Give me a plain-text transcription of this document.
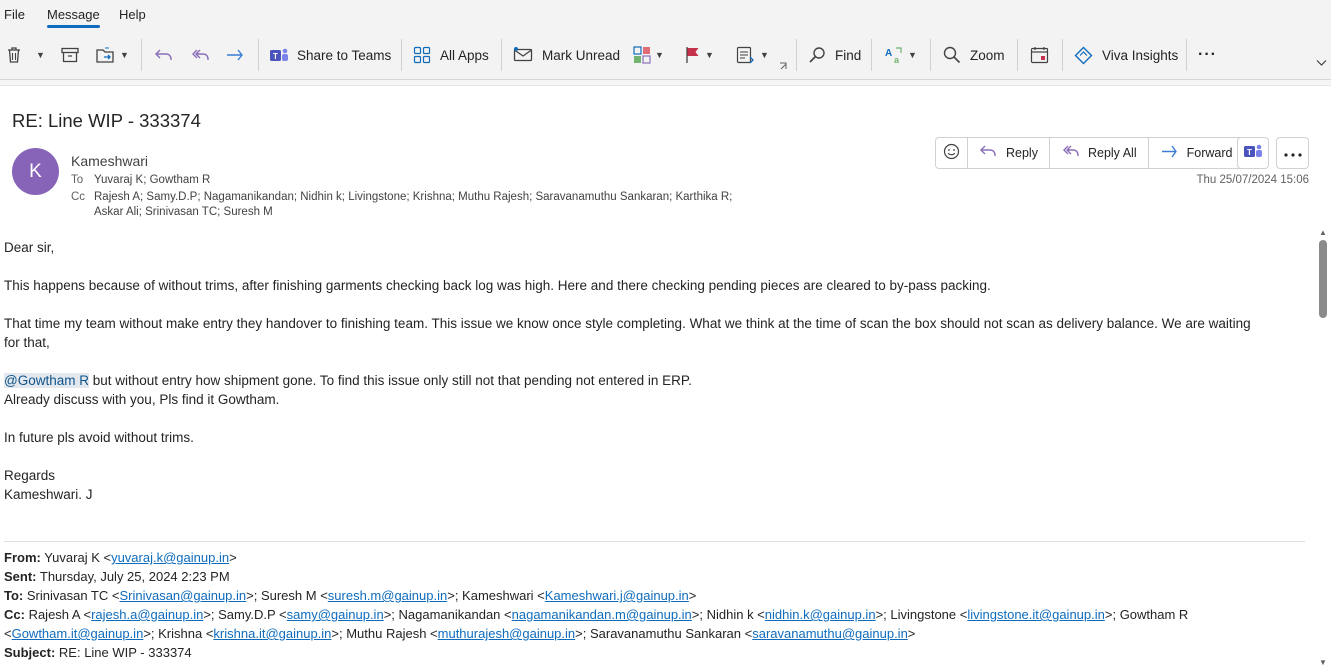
File Message Help
▼	▼	T Share to Teams	All Apps	Mark Unread	▼	▼	▼	Find A
a ▼	Zoom	Viva Insights ···
RE: Line WIP - 333374
K	Kameshwari
To Yuvaraj K; Gowtham R
Cc Rajesh A; Samy.D.P; Nagamanikandan; Nidhin k; Livingstone; Krishna; Muthu Rajesh; Saravanamuthu Sankaran; Karthika R;
Askar Ali; Srinivasan TC; Suresh M
Thu 25/07/2024 15:06
Reply	Reply All	Forward T
Dear sir,
This happens because of without trims, after finishing garments checking back log was high. Here and there checking pending pieces are cleared to by-pass packing.
That time my team without make entry they handover to finishing team. This issue we know once style completing. What we think at the time of scan the box should not scan as delivery balance. We are waiting
for that,
@Gowtham R but without entry how shipment gone. To find this issue only still not that pending not entered in ERP.
Already discuss with you, Pls find it Gowtham.
In future pls avoid without trims.
Regards
Kameshwari. J
From: Yuvaraj K <yuvaraj.k@gainup.in>
Sent: Thursday, July 25, 2024 2:23 PM
To: Srinivasan TC <Srinivasan@gainup.in>; Suresh M <suresh.m@gainup.in>; Kameshwari <Kameshwari.j@gainup.in>
Cc: Rajesh A <rajesh.a@gainup.in>; Samy.D.P <samy@gainup.in>; Nagamanikandan <nagamanikandan.m@gainup.in>; Nidhin k <nidhin.k@gainup.in>; Livingstone <livingstone.it@gainup.in>; Gowtham R
<Gowtham.it@gainup.in>; Krishna <krishna.it@gainup.in>; Muthu Rajesh <muthurajesh@gainup.in>; Saravanamuthu Sankaran <saravanamuthu@gainup.in>
Subject: RE: Line WIP - 333374
▲
▼
